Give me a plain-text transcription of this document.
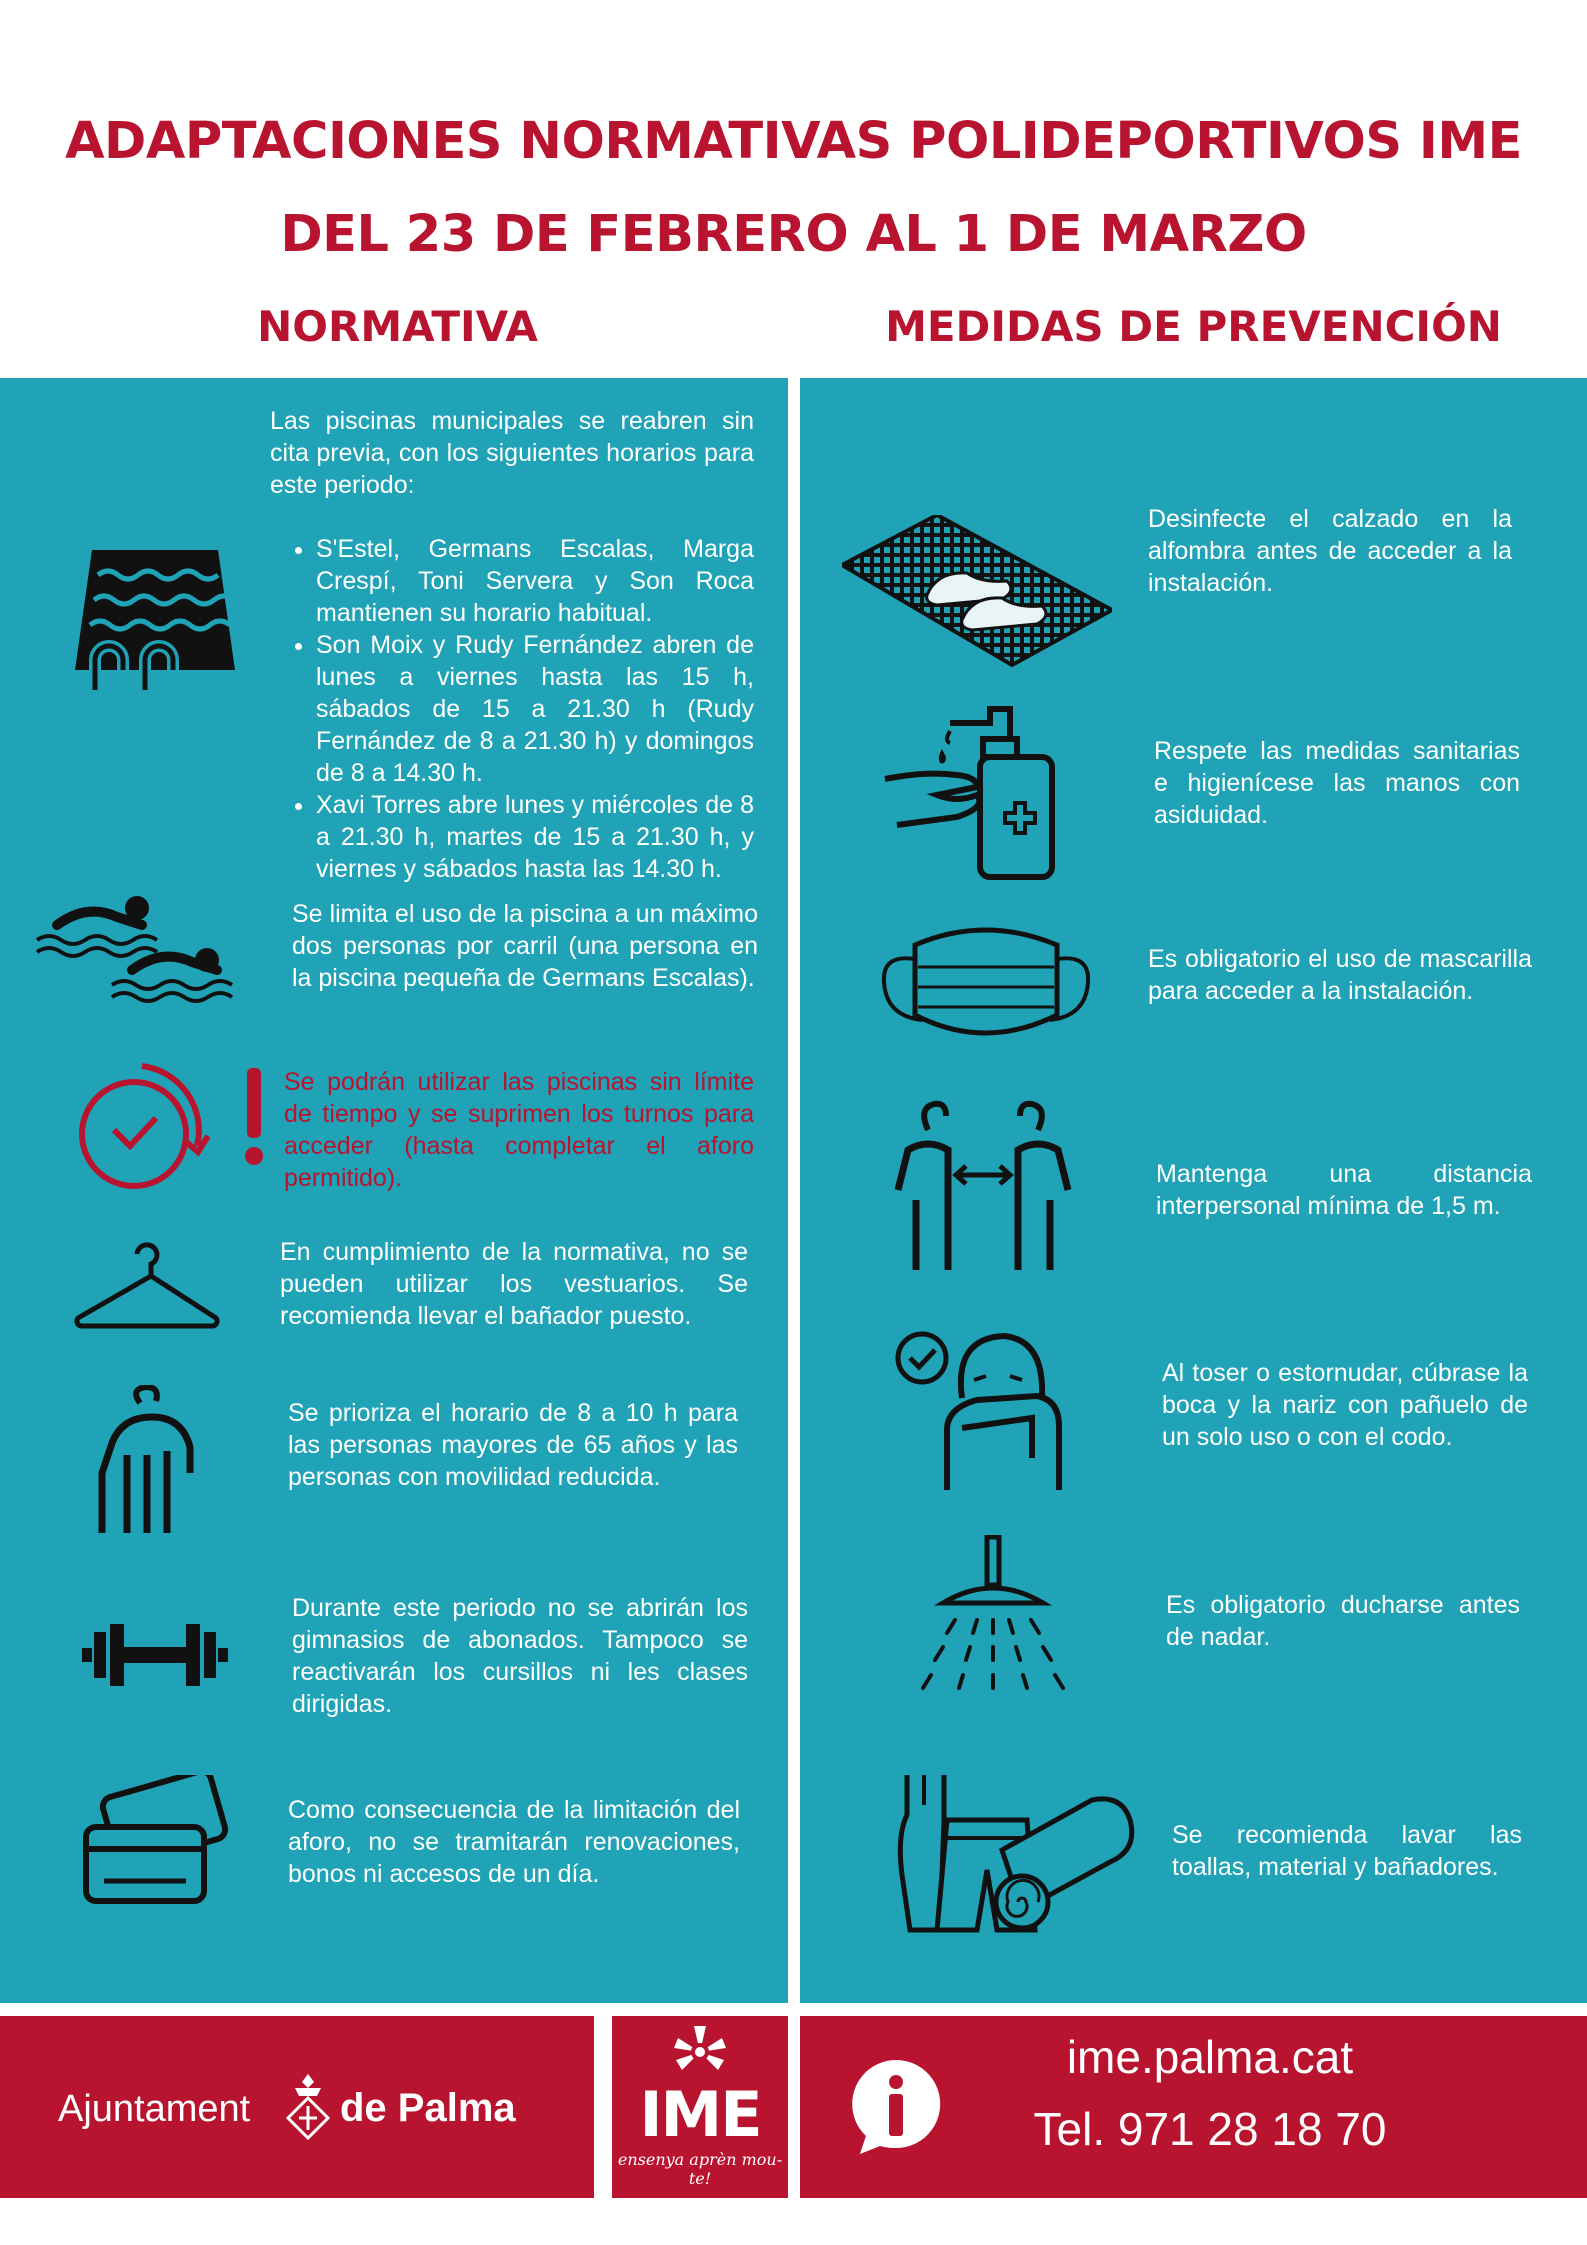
ADAPTACIONES NORMATIVAS POLIDEPORTIVOS IME
DEL 23 DE FEBRERO AL 1 DE MARZO
NORMATIVA	MEDIDAS DE PREVENCIÓN
Las piscinas municipales se reabren sin cita previa, con los siguientes horarios para este periodo:
• S'Estel, Germans Escalas, Marga Crespí, Toni Servera y Son Roca mantienen su horario habitual.
• Son Moix y Rudy Fernández abren de lunes a viernes hasta las 15 h, sábados de 15 a 21.30 h (Rudy Fernández de 8 a 21.30 h) y domingos de 8 a 14.30 h.
• Xavi Torres abre lunes y miércoles de 8 a 21.30 h, martes de 15 a 21.30 h, y viernes y sábados hasta las 14.30 h.
Se limita el uso de la piscina a un máximo dos personas por carril (una persona en la piscina pequeña de Germans Escalas).
Se podrán utilizar las piscinas sin límite de tiempo y se suprimen los turnos para acceder (hasta completar el aforo permitido).
En cumplimiento de la normativa, no se pueden utilizar los vestuarios. Se recomienda llevar el bañador puesto.
Se prioriza el horario de 8 a 10 h para las personas mayores de 65 años y las personas con movilidad reducida.
Durante este periodo no se abrirán los gimnasios de abonados. Tampoco se reactivarán los cursillos ni les clases dirigidas.
Como consecuencia de la limitación del aforo, no se tramitarán renovaciones, bonos ni accesos de un día.
Desinfecte el calzado en la alfombra antes de acceder a la instalación.
Respete las medidas sanitarias e higienícese las manos con asiduidad.
Es obligatorio el uso de mascarilla para acceder a la instalación.
Mantenga una distancia interpersonal mínima de 1,5 m.
Al toser o estornudar, cúbrase la boca y la nariz con pañuelo de un solo uso o con el codo.
Es obligatorio ducharse antes de nadar.
Se recomienda lavar las toallas, material y bañadores.
Ajuntament de Palma	IME
ensenya aprèn mou-te!
ime.palma.cat
Tel. 971 28 18 70
